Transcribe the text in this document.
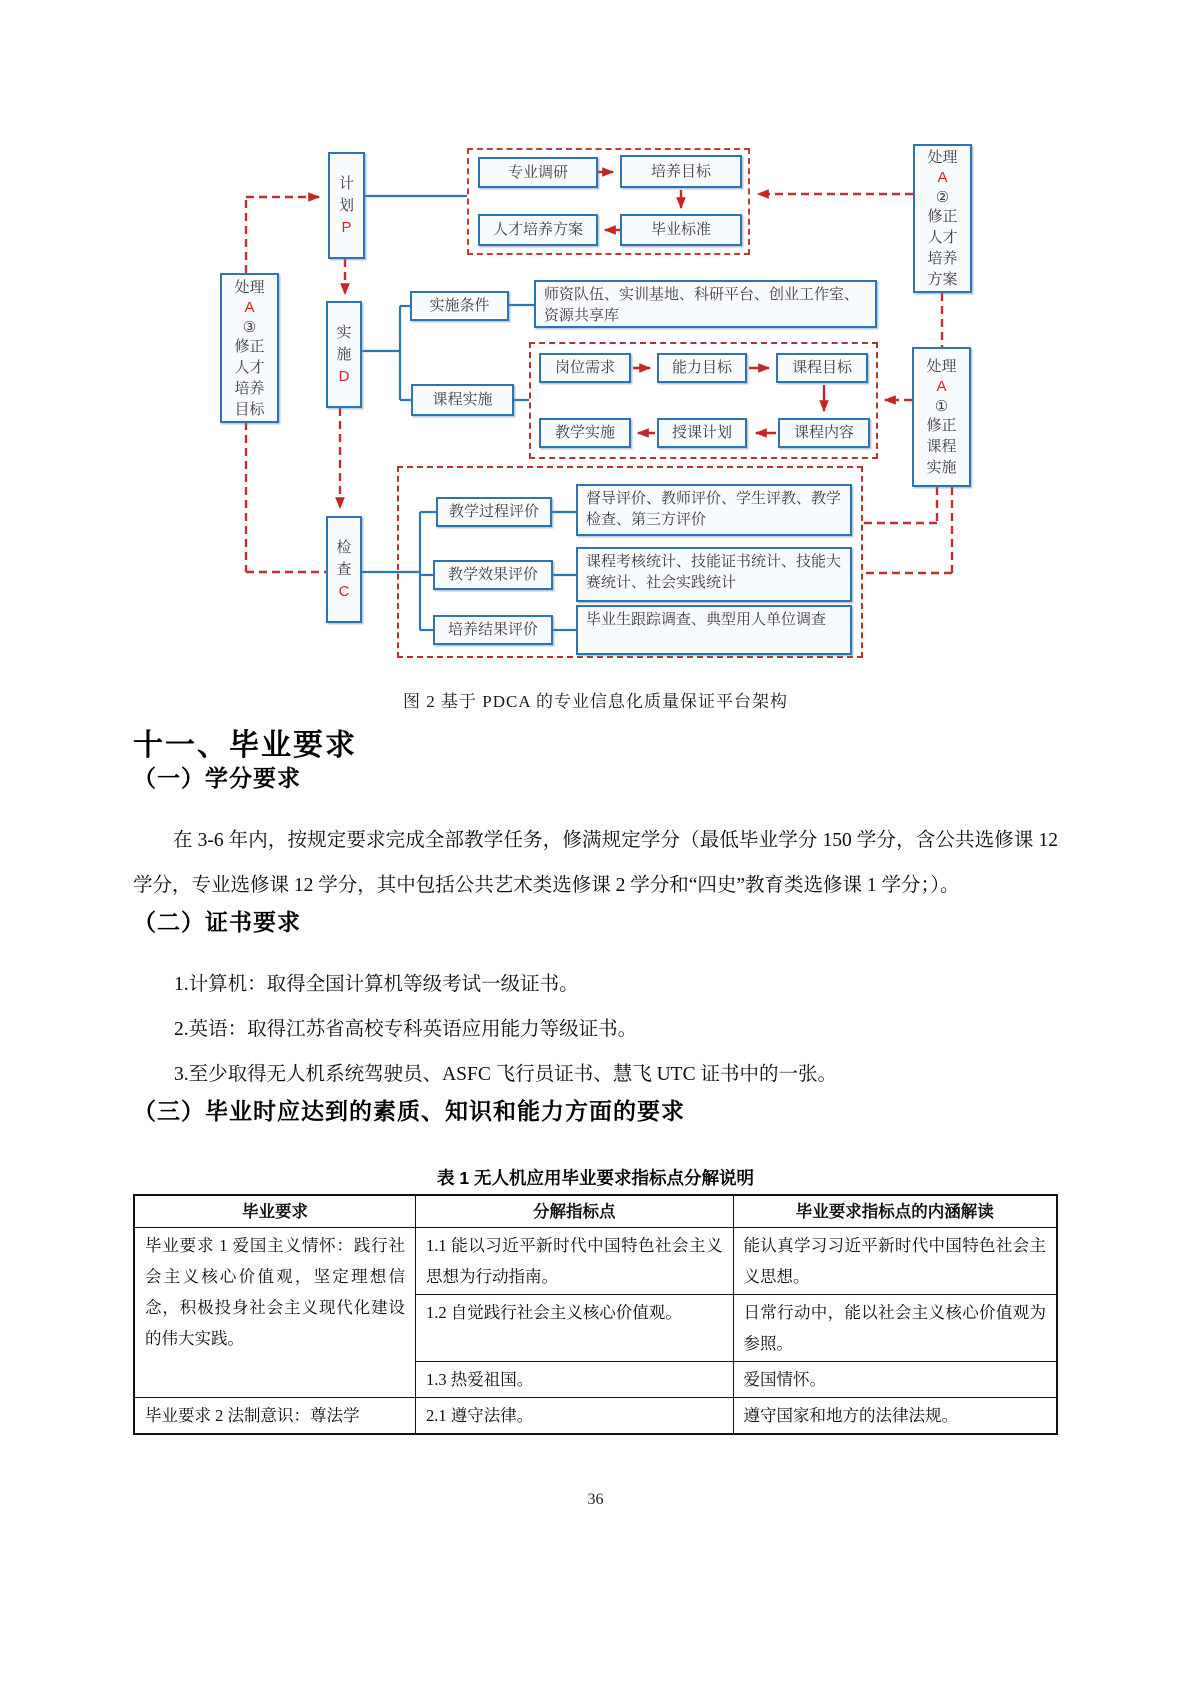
计划
P
实施
D
检查
C
处理
A
③
修正人才培养目标
处理
A
②
修正人才培养方案
处理
A
①
修正课程实施
专业调研	培养目标
人才培养方案	毕业标准
实施条件
师资队伍、实训基地、科研平台、创业工作室、资源共享库
课程实施
岗位需求	能力目标	课程目标
教学实施	授课计划	课程内容
教学过程评价
督导评价、教师评价、学生评教、教学检查、第三方评价
教学效果评价
课程考核统计、技能证书统计、技能大赛统计、社会实践统计
培养结果评价
毕业生跟踪调查、典型用人单位调查
图 2 基于 PDCA 的专业信息化质量保证平台架构
十一、毕业要求
（一）学分要求

在 3-6 年内，按规定要求完成全部教学任务，修满规定学分（最低毕业学分 150 学分，含公共选修课 12 学分，专业选修课 12 学分，其中包括公共艺术类选修课 2 学分和“四史”教育类选修课 1 学分；）。

（二）证书要求

1.计算机：取得全国计算机等级考试一级证书。

2.英语：取得江苏省高校专科英语应用能力等级证书。

3.至少取得无人机系统驾驶员、ASFC 飞行员证书、慧飞 UTC 证书中的一张。

（三）毕业时应达到的素质、知识和能力方面的要求
表 1 无人机应用毕业要求指标点分解说明
毕业要求	分解指标点	毕业要求指标点的内涵解读
毕业要求 1 爱国主义情怀：践行社会主义核心价值观，坚定理想信念，积极投身社会主义现代化建设的伟大实践。	1.1 能以习近平新时代中国特色社会主义思想为行动指南。	能认真学习习近平新时代中国特色社会主义思想。
	1.2 自觉践行社会主义核心价值观。	日常行动中，能以社会主义核心价值观为参照。
	1.3 热爱祖国。	爱国情怀。
毕业要求 2 法制意识：尊法学	2.1 遵守法律。	遵守国家和地方的法律法规。
36
